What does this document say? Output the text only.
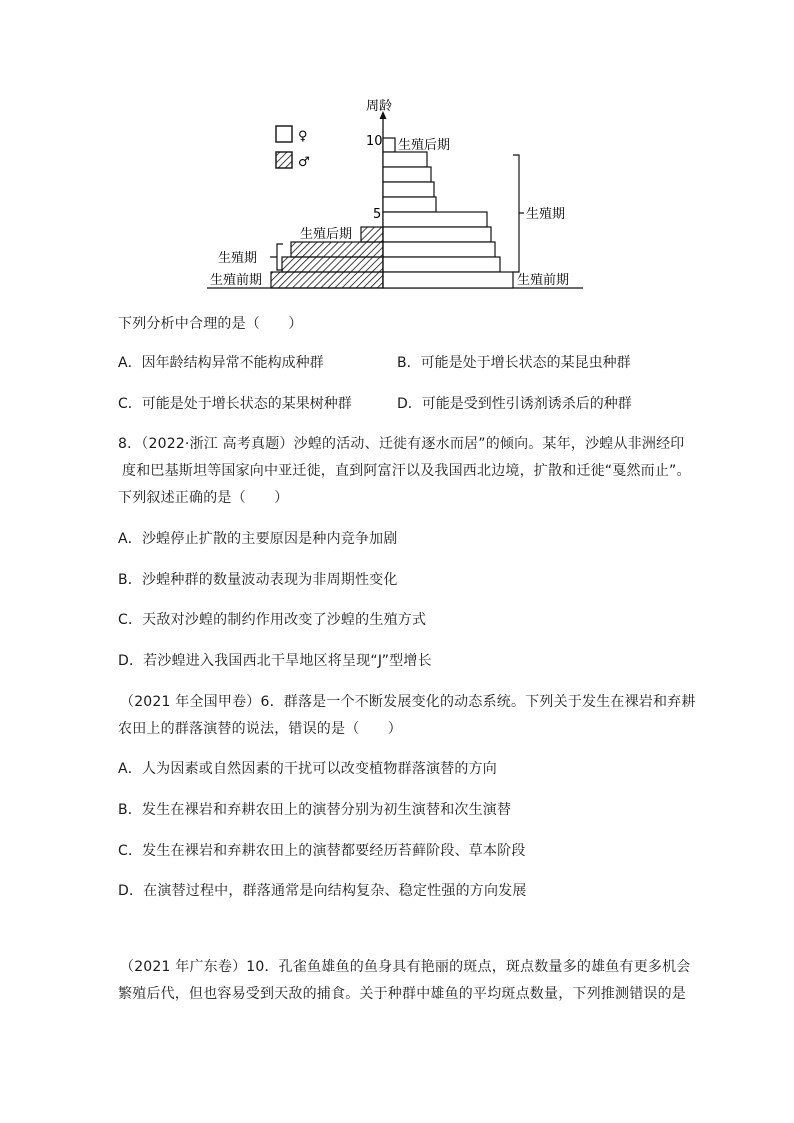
♀
♂
周龄
10
5
生殖后期
生殖期
生殖前期
生殖后期
生殖期
生殖前期
下列分析中合理的是（　　）
A．因年龄结构异常不能构成种群	B．可能是处于增长状态的某昆虫种群
C．可能是处于增长状态的某果树种群	D．可能是受到性引诱剂诱杀后的种群
8．（2022·浙江 高考真题）沙蝗的活动、迁徙有逐水而居”的倾向。某年，沙蝗从非洲经印
度和巴基斯坦等国家向中亚迁徙，直到阿富汗以及我国西北边境，扩散和迁徙“戛然而止”。
下列叙述正确的是（　　）
A．沙蝗停止扩散的主要原因是种内竞争加剧
B．沙蝗种群的数量波动表现为非周期性变化
C．天敌对沙蝗的制约作用改变了沙蝗的生殖方式
D．若沙蝗进入我国西北干旱地区将呈现“J”型增长
（2021 年全国甲卷）6．群落是一个不断发展变化的动态系统。下列关于发生在裸岩和弃耕
农田上的群落演替的说法，错误的是（　　）
A．人为因素或自然因素的干扰可以改变植物群落演替的方向
B．发生在裸岩和弃耕农田上的演替分别为初生演替和次生演替
C．发生在裸岩和弃耕农田上的演替都要经历苔藓阶段、草本阶段
D．在演替过程中，群落通常是向结构复杂、稳定性强的方向发展
（2021 年广东卷）10．孔雀鱼雄鱼的鱼身具有艳丽的斑点，斑点数量多的雄鱼有更多机会
繁殖后代，但也容易受到天敌的捕食。关于种群中雄鱼的平均斑点数量，下列推测错误的是
